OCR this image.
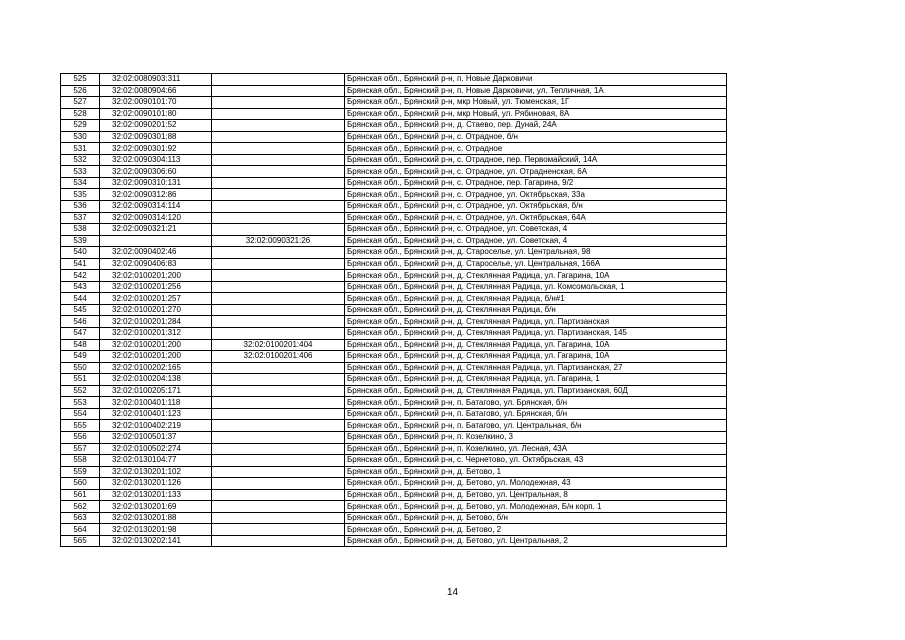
525	32:02:0080903:311		Брянская обл., Брянский р-н, п. Новые Дарковичи
526	32:02:0080904:66		Брянская обл., Брянский р-н, п. Новые Дарковичи, ул. Тепличная, 1А
527	32:02:0090101:70		Брянская обл., Брянский р-н, мкр Новый, ул. Тюменская, 1Г
528	32:02:0090101:80		Брянская обл., Брянский р-н, мкр Новый, ул. Рябиновая, 8А
529	32:02:0090201:52		Брянская обл., Брянский р-н, д. Стаево, пер. Дунай, 24А
530	32:02:0090301:88		Брянская обл., Брянский р-н, с. Отрадное, б/н
531	32:02:0090301:92		Брянская обл., Брянский р-н, с. Отрадное
532	32:02:0090304:113		Брянская обл., Брянский р-н, с. Отрадное, пер. Первомайский, 14А
533	32:02:0090306:60		Брянская обл., Брянский р-н, с. Отрадное, ул. Отрадненская, 6А
534	32:02:0090310:131		Брянская обл., Брянский р-н, с. Отрадное, пер. Гагарина, 9/2
535	32:02:0090312:86		Брянская обл., Брянский р-н, с. Отрадное, ул. Октябрьская, 33а
536	32:02:0090314:114		Брянская обл., Брянский р-н, с. Отрадное, ул. Октябрьская, б/н
537	32:02:0090314:120		Брянская обл., Брянский р-н, с. Отрадное, ул. Октябрьская, 64А
538	32:02:0090321:21		Брянская обл., Брянский р-н, с. Отрадное, ул. Советская, 4
539		32:02:0090321:26	Брянская обл., Брянский р-н, с. Отрадное, ул. Советская, 4
540	32:02:0090402:46		Брянская обл., Брянский р-н, д. Староселье, ул. Центральная, 98
541	32:02:0090406:83		Брянская обл., Брянский р-н, д. Староселье, ул. Центральная, 166А
542	32:02:0100201:200		Брянская обл., Брянский р-н, д. Стеклянная Радица, ул. Гагарина, 10А
543	32:02:0100201:256		Брянская обл., Брянский р-н, д. Стеклянная Радица, ул. Комсомольская, 1
544	32:02:0100201:257		Брянская обл., Брянский р-н, д. Стеклянная Радица, б/н#1
545	32:02:0100201:270		Брянская обл., Брянский р-н, д. Стеклянная Радица, б/н
546	32:02:0100201:284		Брянская обл., Брянский р-н, д. Стеклянная Радица, ул. Партизанская
547	32:02:0100201:312		Брянская обл., Брянский р-н, д. Стеклянная Радица, ул. Партизанская, 145
548	32:02:0100201:200	32:02:0100201:404	Брянская обл., Брянский р-н, д. Стеклянная Радица, ул. Гагарина, 10А
549	32:02:0100201:200	32:02:0100201:406	Брянская обл., Брянский р-н, д. Стеклянная Радица, ул. Гагарина, 10А
550	32:02:0100202:165		Брянская обл., Брянский р-н, д. Стеклянная Радица, ул. Партизанская, 27
551	32:02:0100204:138		Брянская обл., Брянский р-н, д. Стеклянная Радица, ул. Гагарина, 1
552	32:02:0100205:171		Брянская обл., Брянский р-н, д. Стеклянная Радица, ул. Партизанская, 60Д
553	32:02:0100401:118		Брянская обл., Брянский р-н, п. Батагово, ул. Брянская, б/н
554	32:02:0100401:123		Брянская обл., Брянский р-н, п. Батагово, ул. Брянская, б/н
555	32:02:0100402:219		Брянская обл., Брянский р-н, п. Батагово, ул. Центральная, б/н
556	32:02:0100501:37		Брянская обл., Брянский р-н, п. Козелкино, 3
557	32:02:0100502:274		Брянская обл., Брянский р-н, п. Козелкино, ул. Лесная, 43А
558	32:02:0130104:77		Брянская обл., Брянский р-н, с. Чернетово, ул. Октябрьская, 43
559	32:02:0130201:102		Брянская обл., Брянский р-н, д. Бетово, 1
560	32:02:0130201:126		Брянская обл., Брянский р-н, д. Бетово, ул. Молодежная, 43
561	32:02:0130201:133		Брянская обл., Брянский р-н, д. Бетово, ул. Центральная, 8
562	32:02:0130201:69		Брянская обл., Брянский р-н, д. Бетово, ул. Молодежная, Б/н корп. 1
563	32:02:0130201:88		Брянская обл., Брянский р-н, д. Бетово, б/н
564	32:02:0130201:98		Брянская обл., Брянский р-н, д. Бетово, 2
565	32:02:0130202:141		Брянская обл., Брянский р-н, д. Бетово, ул. Центральная, 2
14
